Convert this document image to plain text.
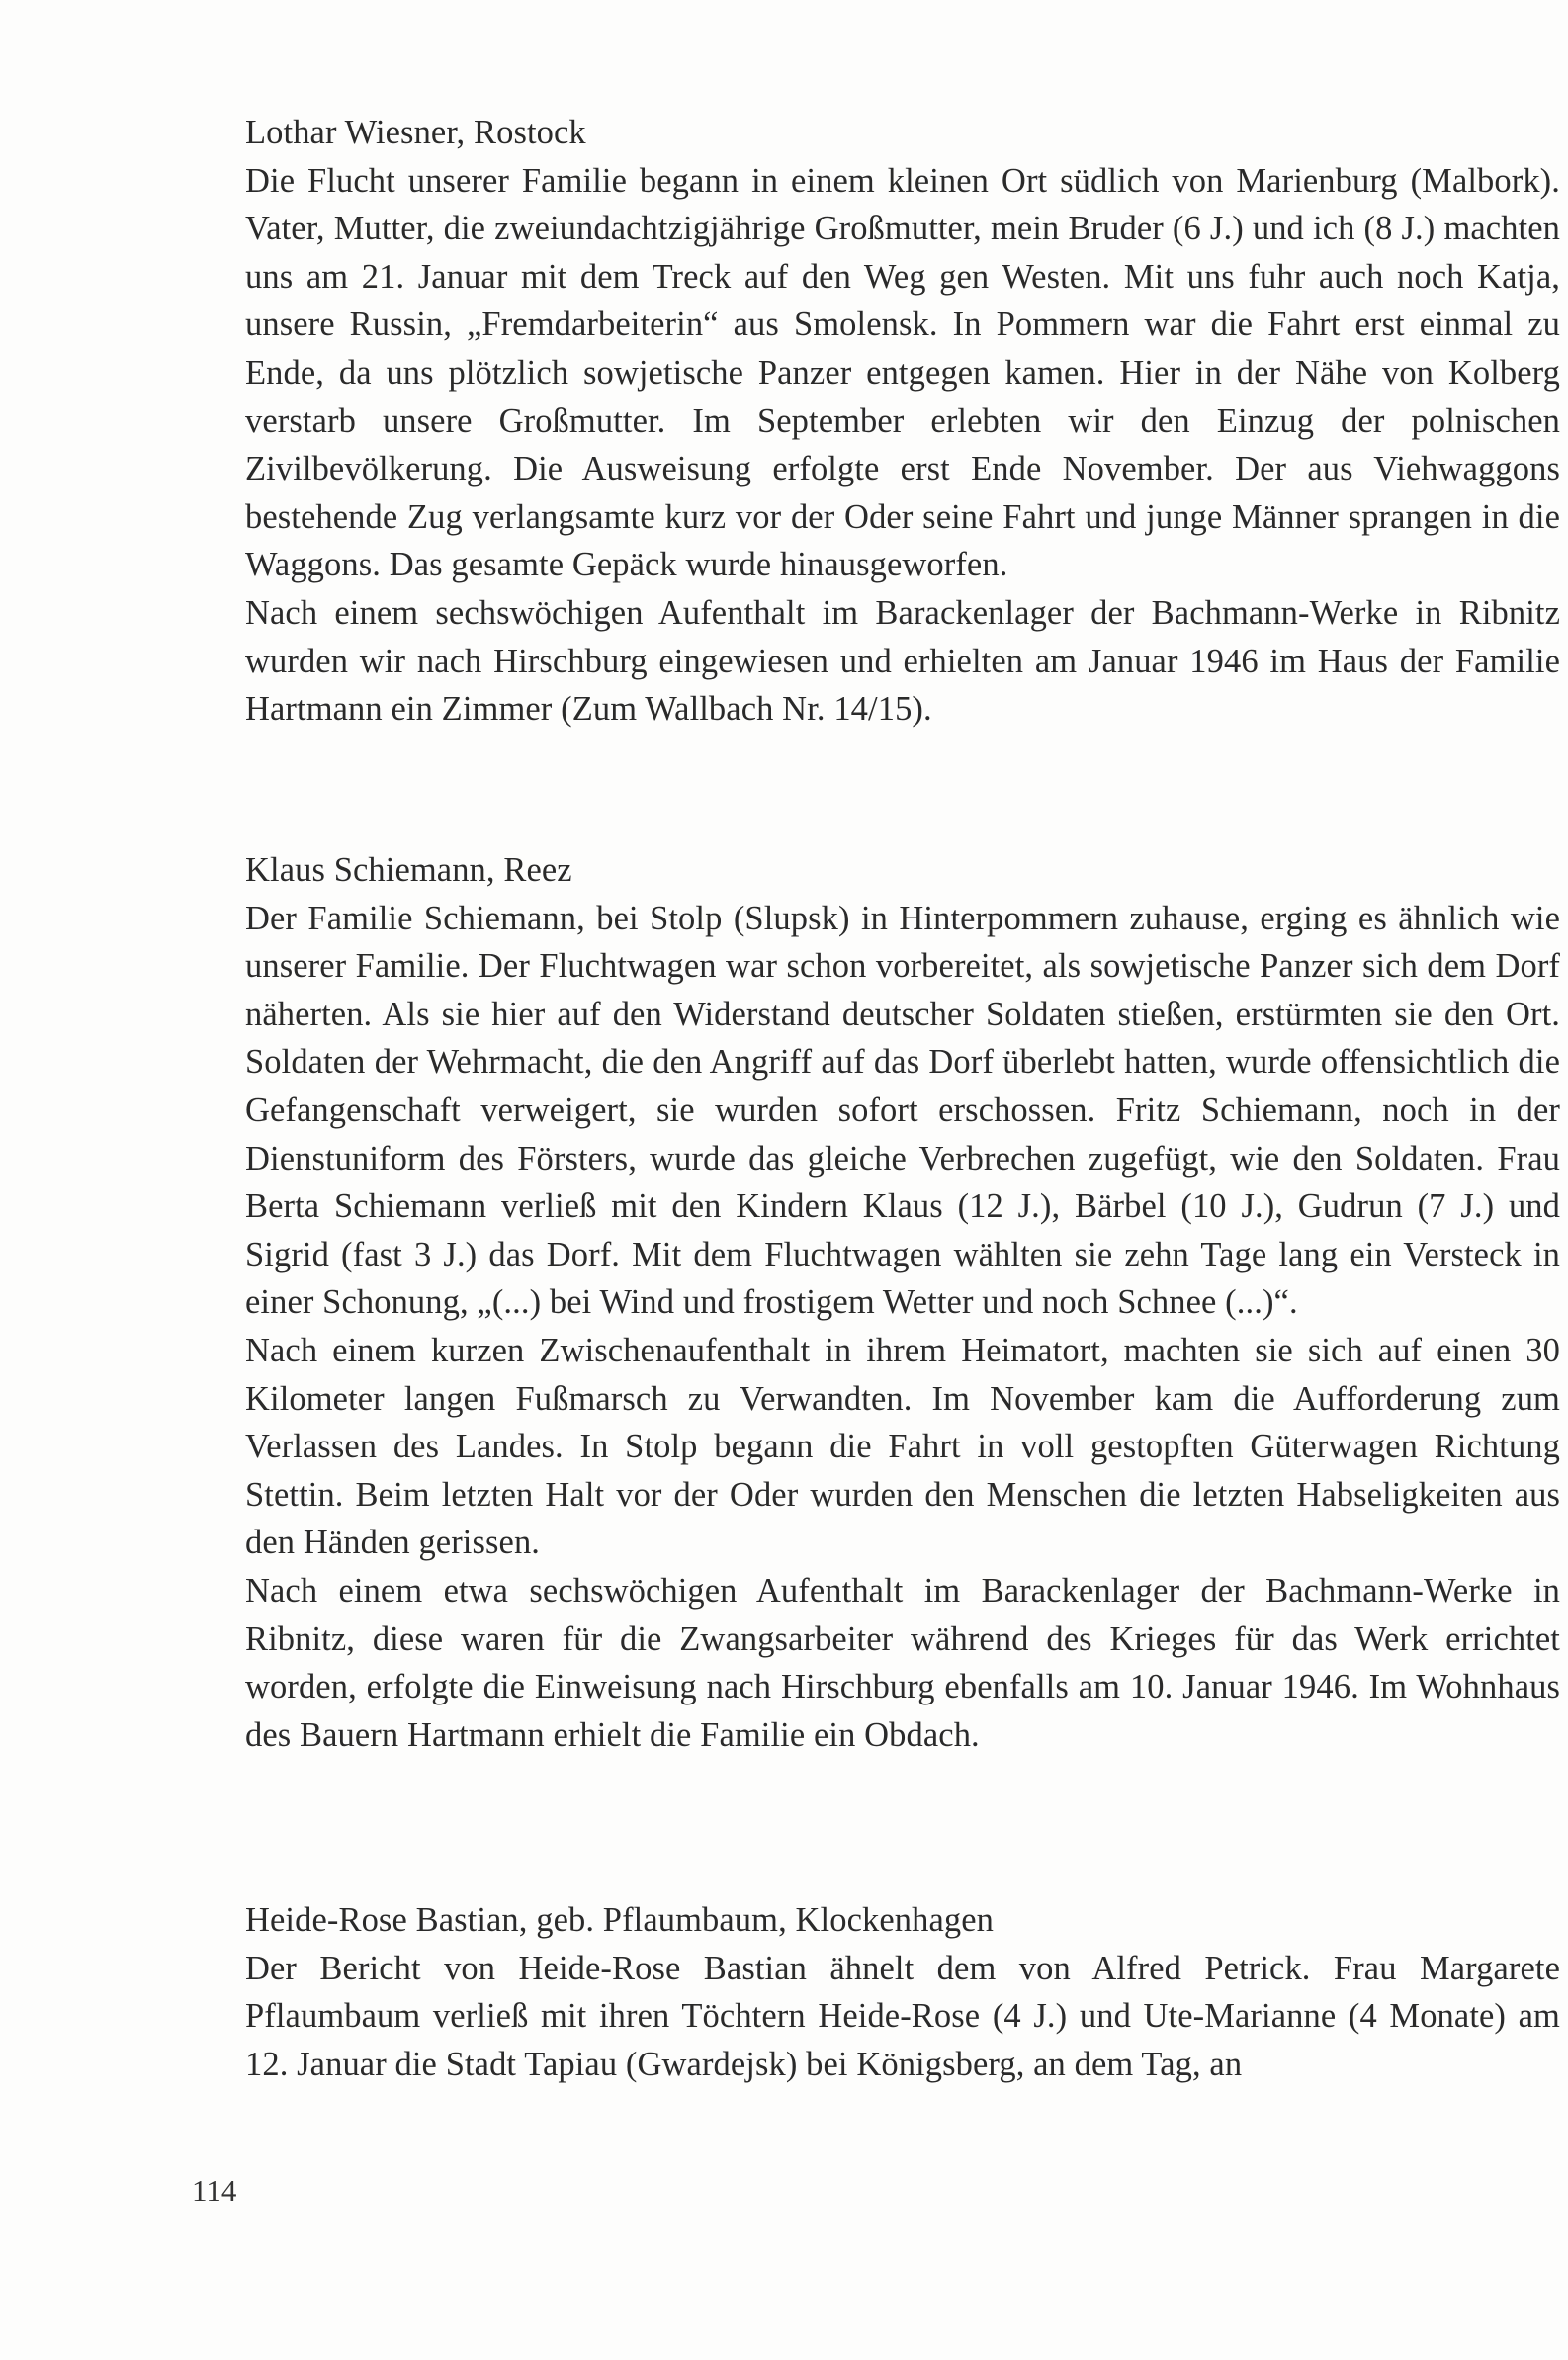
Lothar Wiesner, Rostock

Die Flucht unserer Familie begann in einem kleinen Ort südlich von Marienburg (Malbork). Vater, Mutter, die zweiundachtzigjährige Großmutter, mein Bruder (6 J.) und ich (8 J.) machten uns am 21. Januar mit dem Treck auf den Weg gen Westen. Mit uns fuhr auch noch Katja, unsere Russin, „Fremdarbeiterin“ aus Smolensk. In Pommern war die Fahrt erst einmal zu Ende, da uns plötzlich sowjetische Panzer entgegen kamen. Hier in der Nähe von Kolberg verstarb unsere Großmutter. Im September erlebten wir den Einzug der polnischen Zivilbevölkerung. Die Ausweisung erfolgte erst Ende November. Der aus Viehwaggons bestehende Zug verlangsamte kurz vor der Oder seine Fahrt und junge Männer sprangen in die Waggons. Das gesamte Gepäck wurde hinausgeworfen.

Nach einem sechswöchigen Aufenthalt im Barackenlager der Bachmann-Werke in Ribnitz wurden wir nach Hirschburg eingewiesen und erhielten am Januar 1946 im Haus der Familie Hartmann ein Zimmer (Zum Wallbach Nr. 14/15).

Klaus Schiemann, Reez

Der Familie Schiemann, bei Stolp (Slupsk) in Hinterpommern zuhause, erging es ähnlich wie unserer Familie. Der Fluchtwagen war schon vorbereitet, als sowjetische Panzer sich dem Dorf näherten. Als sie hier auf den Widerstand deutscher Soldaten stießen, erstürmten sie den Ort. Soldaten der Wehrmacht, die den Angriff auf das Dorf überlebt hatten, wurde offensichtlich die Gefangenschaft verweigert, sie wurden sofort erschossen. Fritz Schiemann, noch in der Dienstuniform des Försters, wurde das gleiche Verbrechen zugefügt, wie den Soldaten. Frau Berta Schiemann verließ mit den Kindern Klaus (12 J.), Bärbel (10 J.), Gudrun (7 J.) und Sigrid (fast 3 J.) das Dorf. Mit dem Fluchtwagen wählten sie zehn Tage lang ein Versteck in einer Schonung, „(...) bei Wind und frostigem Wetter und noch Schnee (...)“.

Nach einem kurzen Zwischenaufenthalt in ihrem Heimatort, machten sie sich auf einen 30 Kilometer langen Fußmarsch zu Verwandten. Im November kam die Aufforderung zum Verlassen des Landes. In Stolp begann die Fahrt in voll gestopften Güterwagen Richtung Stettin. Beim letzten Halt vor der Oder wurden den Menschen die letzten Habseligkeiten aus den Händen gerissen.

Nach einem etwa sechswöchigen Aufenthalt im Barackenlager der Bachmann-Werke in Ribnitz, diese waren für die Zwangsarbeiter während des Krieges für das Werk errichtet worden, erfolgte die Einweisung nach Hirschburg ebenfalls am 10. Januar 1946. Im Wohnhaus des Bauern Hartmann erhielt die Familie ein Obdach.

Heide-Rose Bastian, geb. Pflaumbaum, Klockenhagen

Der Bericht von Heide-Rose Bastian ähnelt dem von Alfred Petrick. Frau Margarete Pflaumbaum verließ mit ihren Töchtern Heide-Rose (4 J.) und Ute-Marianne (4 Monate) am 12. Januar die Stadt Tapiau (Gwardejsk) bei Königsberg, an dem Tag, an

114
